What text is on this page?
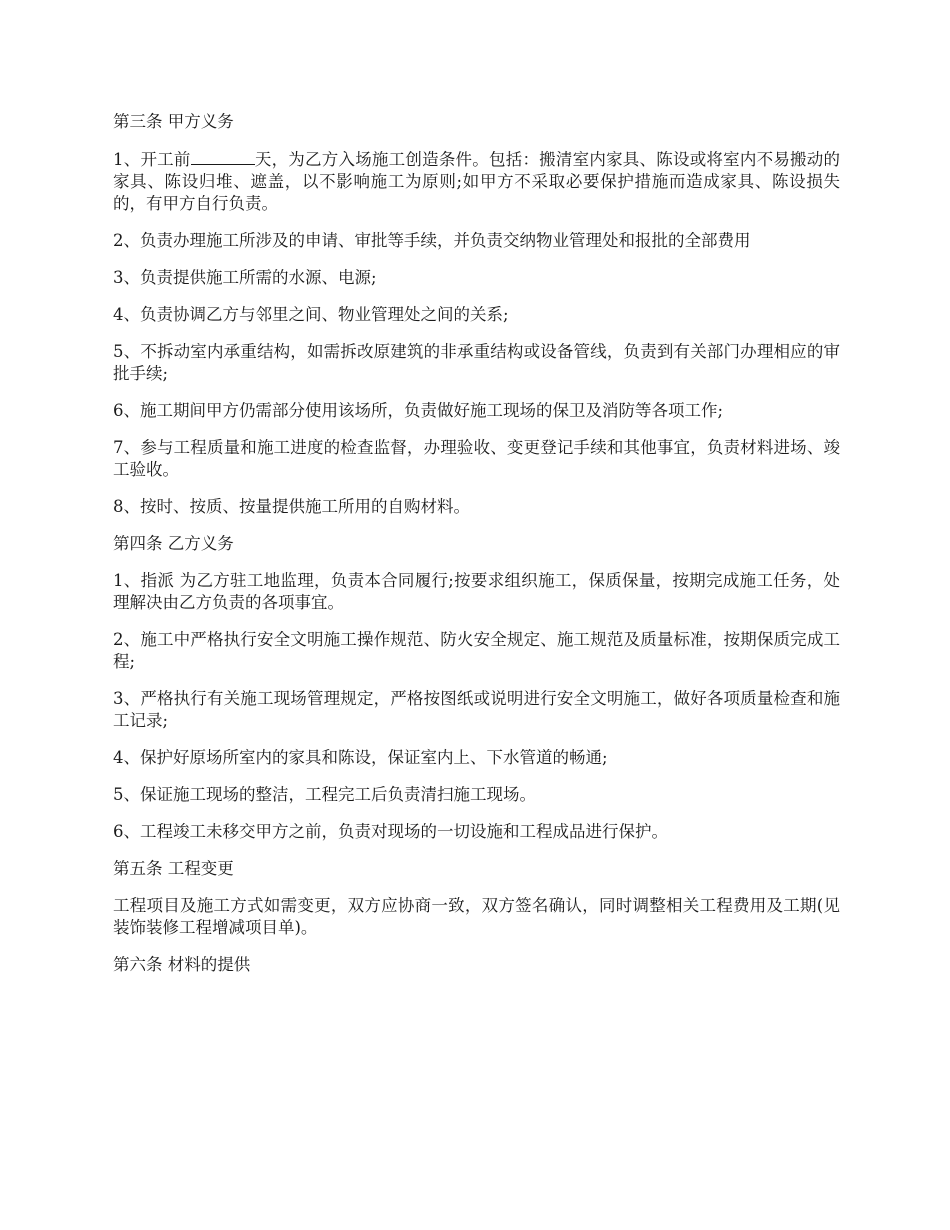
第三条 甲方义务

1、开工前	天，为乙方入场施工创造条件。包括：搬清室内家具、陈设或将室内不易搬动的家具、陈设归堆、遮盖，以不影响施工为原则;如甲方不采取必要保护措施而造成家具、陈设损失的，有甲方自行负责。

2、负责办理施工所涉及的申请、审批等手续，并负责交纳物业管理处和报批的全部费用

3、负责提供施工所需的水源、电源;

4、负责协调乙方与邻里之间、物业管理处之间的关系;

5、不拆动室内承重结构，如需拆改原建筑的非承重结构或设备管线，负责到有关部门办理相应的审批手续;

6、施工期间甲方仍需部分使用该场所，负责做好施工现场的保卫及消防等各项工作;

7、参与工程质量和施工进度的检查监督，办理验收、变更登记手续和其他事宜，负责材料进场、竣工验收。

8、按时、按质、按量提供施工所用的自购材料。

第四条 乙方义务

1、指派 为乙方驻工地监理，负责本合同履行;按要求组织施工，保质保量，按期完成施工任务，处理解决由乙方负责的各项事宜。

2、施工中严格执行安全文明施工操作规范、防火安全规定、施工规范及质量标准，按期保质完成工程;

3、严格执行有关施工现场管理规定，严格按图纸或说明进行安全文明施工，做好各项质量检查和施工记录;

4、保护好原场所室内的家具和陈设，保证室内上、下水管道的畅通;

5、保证施工现场的整洁，工程完工后负责清扫施工现场。

6、工程竣工未移交甲方之前，负责对现场的一切设施和工程成品进行保护。

第五条 工程变更

工程项目及施工方式如需变更，双方应协商一致，双方签名确认，同时调整相关工程费用及工期(见装饰装修工程增减项目单)。

第六条 材料的提供
